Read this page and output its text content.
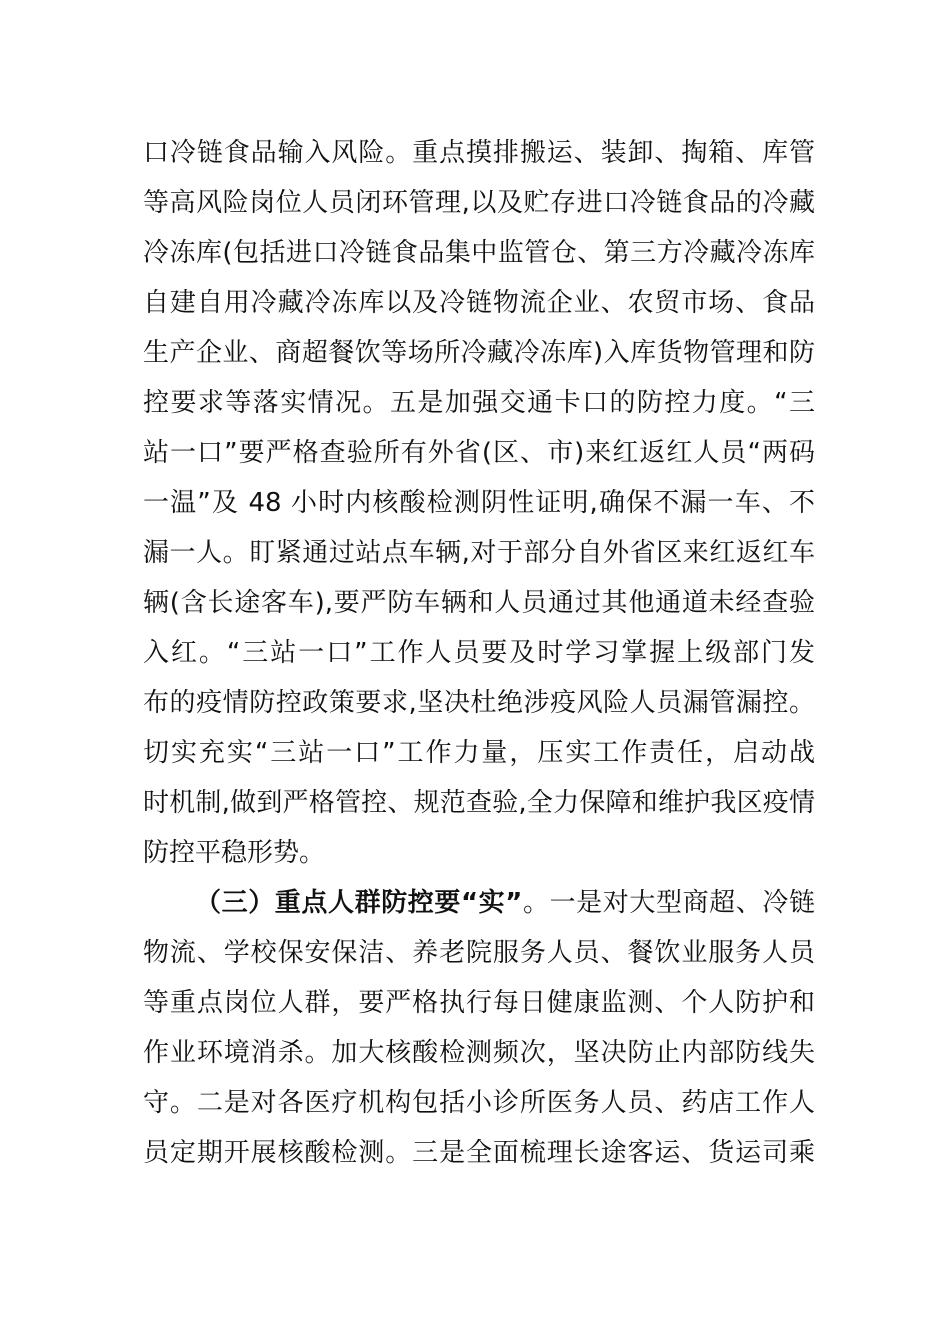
口冷链食品输入风险。重点摸排搬运、装卸、掏箱、库管
等高风险岗位人员闭环管理,以及贮存进口冷链食品的冷藏
冷冻库(包括进口冷链食品集中监管仓、第三方冷藏冷冻库
自建自用冷藏冷冻库以及冷链物流企业、农贸市场、食品
生产企业、商超餐饮等场所冷藏冷冻库)入库货物管理和防
控要求等落实情况。五是加强交通卡口的防控力度。“三
站一口”要严格查验所有外省(区、市)来红返红人员“两码
一温”及 48 小时内核酸检测阴性证明,确保不漏一车、不
漏一人。盯紧通过站点车辆,对于部分自外省区来红返红车
辆(含长途客车),要严防车辆和人员通过其他通道未经查验
入红。“三站一口”工作人员要及时学习掌握上级部门发
布的疫情防控政策要求,坚决杜绝涉疫风险人员漏管漏控。
切实充实“三站一口”工作力量，压实工作责任，启动战
时机制,做到严格管控、规范查验,全力保障和维护我区疫情
防控平稳形势。
（三）重点人群防控要“实”。一是对大型商超、冷链
物流、学校保安保洁、养老院服务人员、餐饮业服务人员
等重点岗位人群，要严格执行每日健康监测、个人防护和
作业环境消杀。加大核酸检测频次，坚决防止内部防线失
守。二是对各医疗机构包括小诊所医务人员、药店工作人
员定期开展核酸检测。三是全面梳理长途客运、货运司乘
